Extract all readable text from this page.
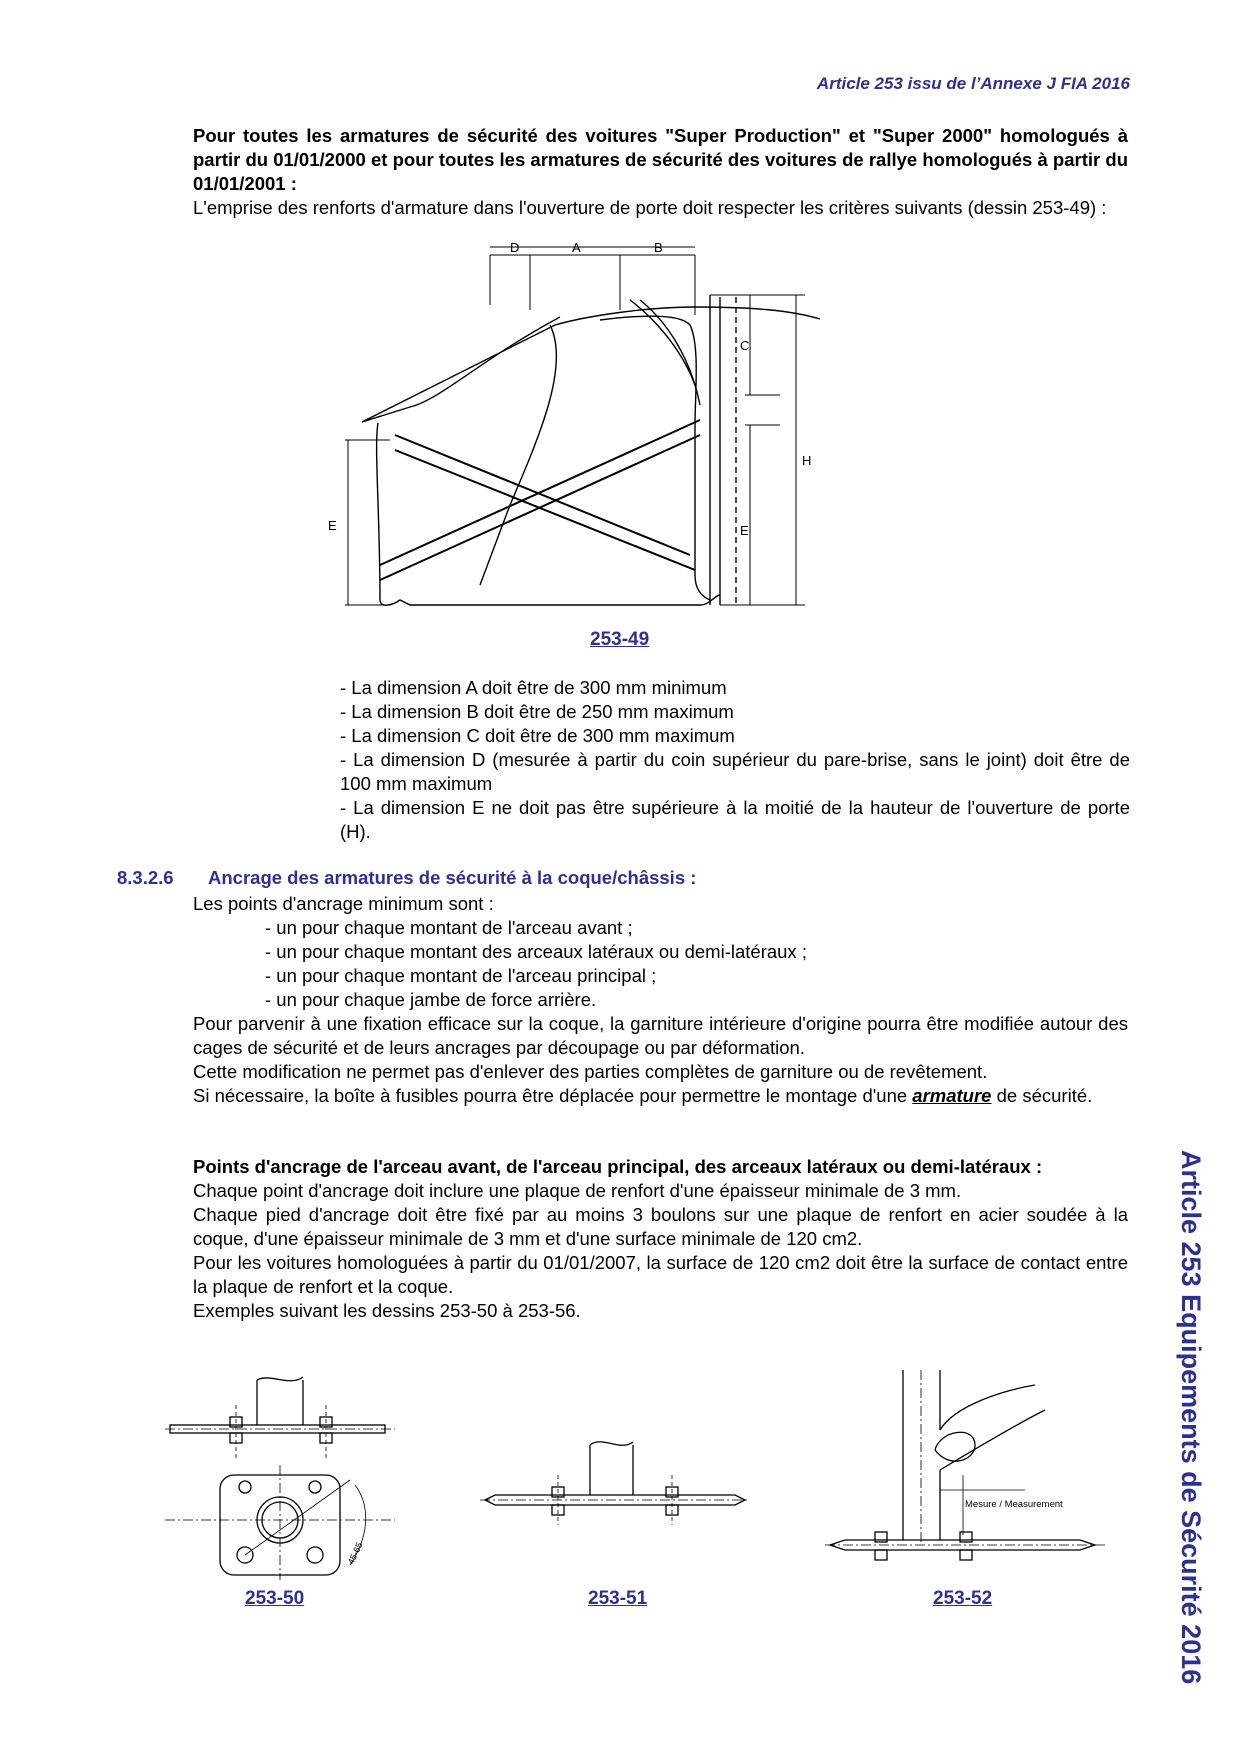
Article 253 issu de l’Annexe J FIA 2016
Pour toutes les armatures de sécurité des voitures "Super Production" et "Super 2000" homologués à partir du 01/01/2000 et pour toutes les armatures de sécurité des voitures de rallye homologués à partir du 01/01/2001 :
L'emprise des renforts d'armature dans l'ouverture de porte doit respecter les critères suivants (dessin 253-49) :
D	A	B
C
H
E	E
253-49
- La dimension A doit être de 300 mm minimum
- La dimension B doit être de 250 mm maximum
- La dimension C doit être de 300 mm maximum
- La dimension D (mesurée à partir du coin supérieur du pare-brise, sans le joint) doit être de 100 mm maximum
- La dimension E ne doit pas être supérieure à la moitié de la hauteur de l'ouverture de porte (H).
8.3.2.6 Ancrage des armatures de sécurité à la coque/châssis :
Les points d'ancrage minimum sont :
- un pour chaque montant de l'arceau avant ;
- un pour chaque montant des arceaux latéraux ou demi-latéraux ;
- un pour chaque montant de l'arceau principal ;
- un pour chaque jambe de force arrière.
Pour parvenir à une fixation efficace sur la coque, la garniture intérieure d'origine pourra être modifiée autour des cages de sécurité et de leurs ancrages par découpage ou par déformation.
Cette modification ne permet pas d'enlever des parties complètes de garniture ou de revêtement.
Si nécessaire, la boîte à fusibles pourra être déplacée pour permettre le montage d'une armature de sécurité.
Points d'ancrage de l'arceau avant, de l'arceau principal, des arceaux latéraux ou demi-latéraux :
Chaque point d'ancrage doit inclure une plaque de renfort d'une épaisseur minimale de 3 mm.
Chaque pied d'ancrage doit être fixé par au moins 3 boulons sur une plaque de renfort en acier soudée à la coque, d'une épaisseur minimale de 3 mm et d'une surface minimale de 120 cm2.
Pour les voitures homologuées à partir du 01/01/2007, la surface de 120 cm2 doit être la surface de contact entre la plaque de renfort et la coque.
Exemples suivant les dessins 253-50 à 253-56.
45-65
253-50	253-51
Mesure / Measurement
253-52	Article 253 Equipements de Sécurité 2016
